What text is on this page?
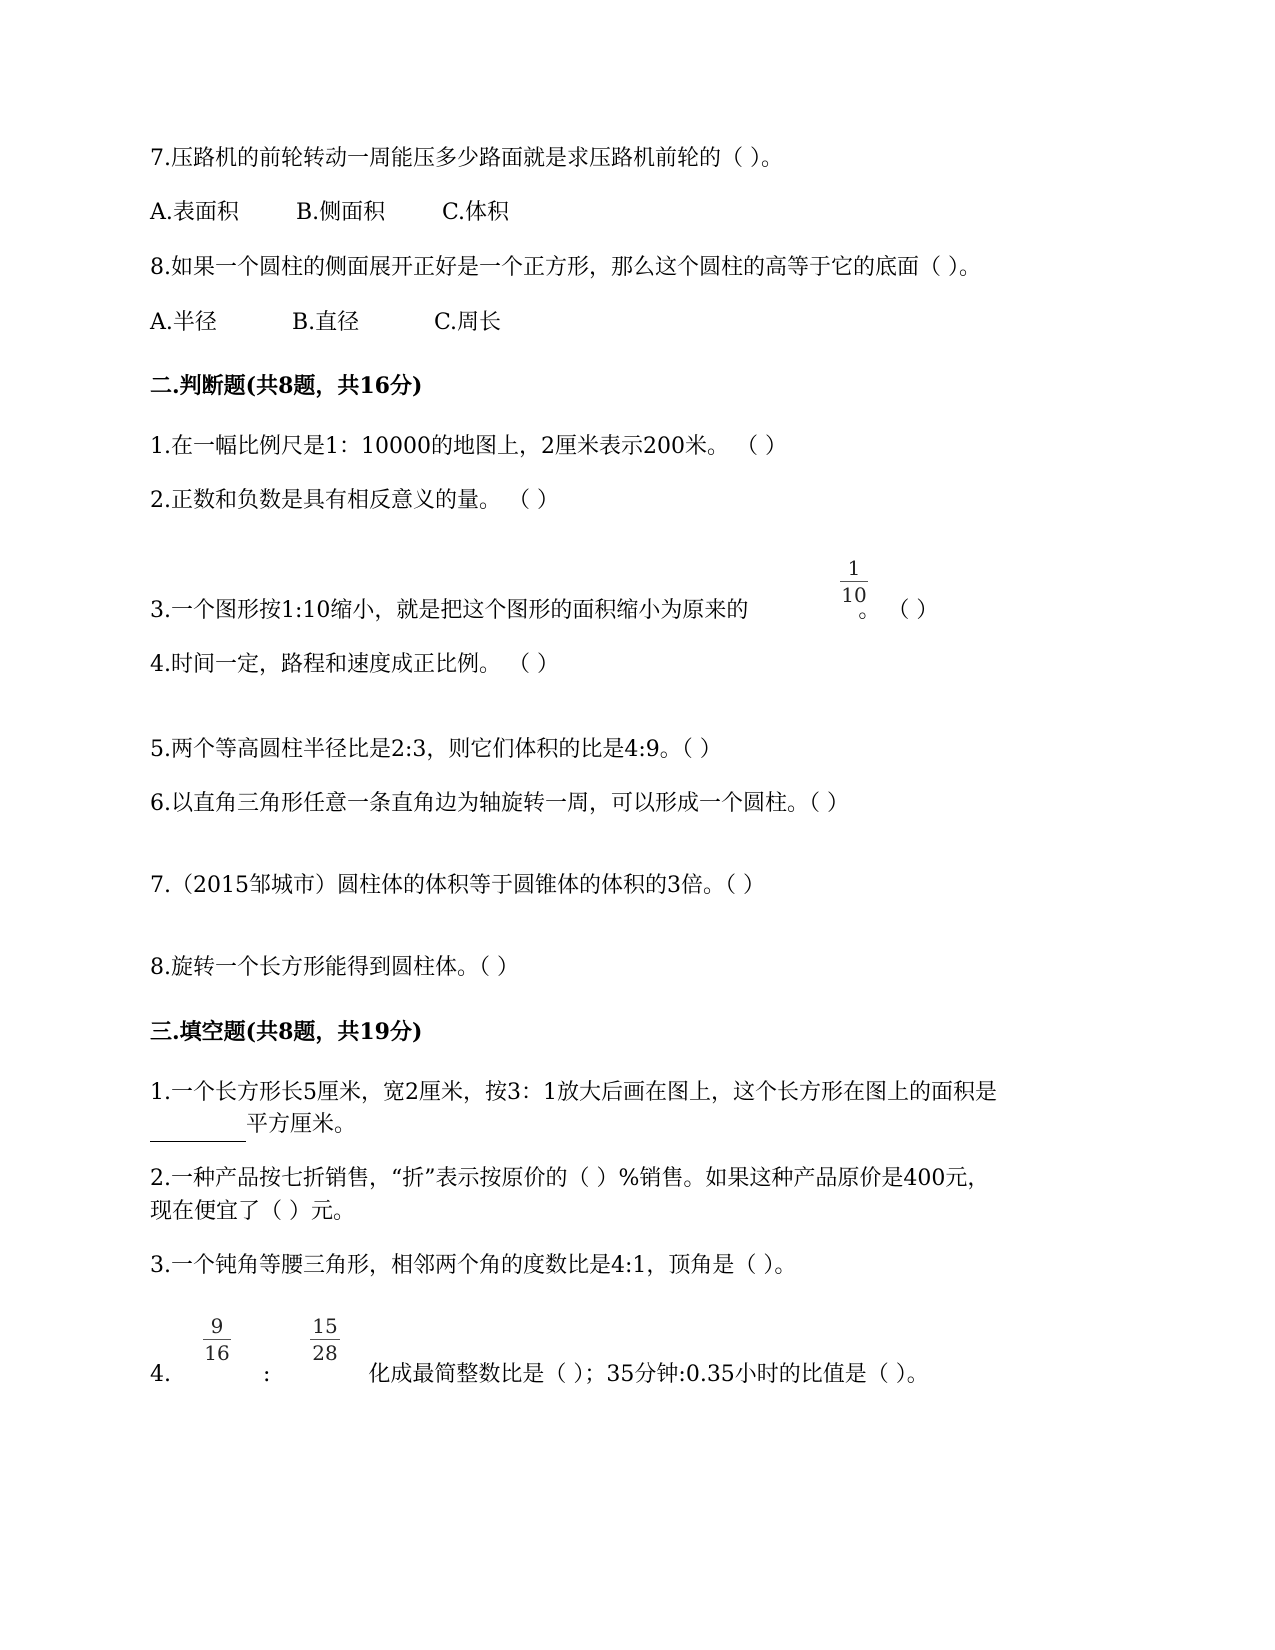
7.压路机的前轮转动一周能压多少路面就是求压路机前轮的（ ）。

A.表面积	B.侧面积	C.体积

8.如果一个圆柱的侧面展开正好是一个正方形，那么这个圆柱的高等于它的底面（ ）。

A.半径	B.直径	C.周长

二.判断题(共8题，共16分)

1.在一幅比例尺是1：10000的地图上，2厘米表示200米。 （ ）

2.正数和负数是具有相反意义的量。 （ ）

1
10

3.一个图形按1:10缩小，就是把这个图形的面积缩小为原来的	。 （ ）

4.时间一定，路程和速度成正比例。 （ ）

5.两个等高圆柱半径比是2:3，则它们体积的比是4:9。（ ）

6.以直角三角形任意一条直角边为轴旋转一周，可以形成一个圆柱。（ ）

7.（2015邹城市）圆柱体的体积等于圆锥体的体积的3倍。（ ）

8.旋转一个长方形能得到圆柱体。（ ）

三.填空题(共8题，共19分)

1.一个长方形长5厘米，宽2厘米，按3：1放大后画在图上，这个长方形在图上的面积是

平方厘米。

2.一种产品按七折销售，“折”表示按原价的（ ）%销售。如果这种产品原价是400元，

现在便宜了（ ）元。

3.一个钝角等腰三角形，相邻两个角的度数比是4:1，顶角是（ ）。

9
16
15
28

4.	:	化成最简整数比是（ ）；35分钟:0.35小时的比值是（ ）。
